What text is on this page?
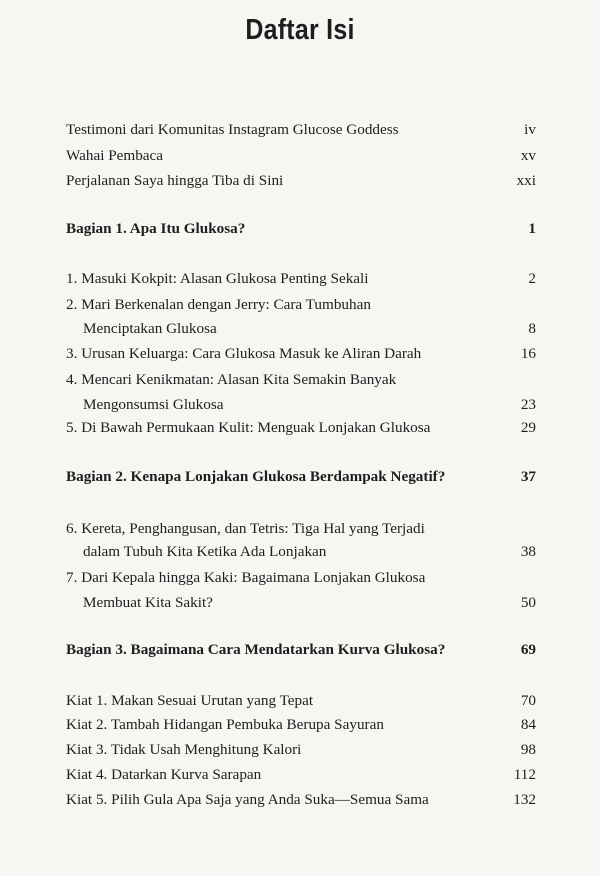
Daftar Isi
Testimoni dari Komunitas Instagram Glucose Goddess	iv
Wahai Pembaca	xv
Perjalanan Saya hingga Tiba di Sini	xxi
Bagian 1. Apa Itu Glukosa?	1
1. Masuki Kokpit: Alasan Glukosa Penting Sekali	2
2. Mari Berkenalan dengan Jerry: Cara Tumbuhan
Menciptakan Glukosa	8
3. Urusan Keluarga: Cara Glukosa Masuk ke Aliran Darah	16
4. Mencari Kenikmatan: Alasan Kita Semakin Banyak
Mengonsumsi Glukosa	23
5. Di Bawah Permukaan Kulit: Menguak Lonjakan Glukosa	29
Bagian 2. Kenapa Lonjakan Glukosa Berdampak Negatif?	37
6. Kereta, Penghangusan, dan Tetris: Tiga Hal yang Terjadi
dalam Tubuh Kita Ketika Ada Lonjakan	38
7. Dari Kepala hingga Kaki: Bagaimana Lonjakan Glukosa
Membuat Kita Sakit?	50
Bagian 3. Bagaimana Cara Mendatarkan Kurva Glukosa?	69
Kiat 1. Makan Sesuai Urutan yang Tepat	70
Kiat 2. Tambah Hidangan Pembuka Berupa Sayuran	84
Kiat 3. Tidak Usah Menghitung Kalori	98
Kiat 4. Datarkan Kurva Sarapan	112
Kiat 5. Pilih Gula Apa Saja yang Anda Suka—Semua Sama	132
